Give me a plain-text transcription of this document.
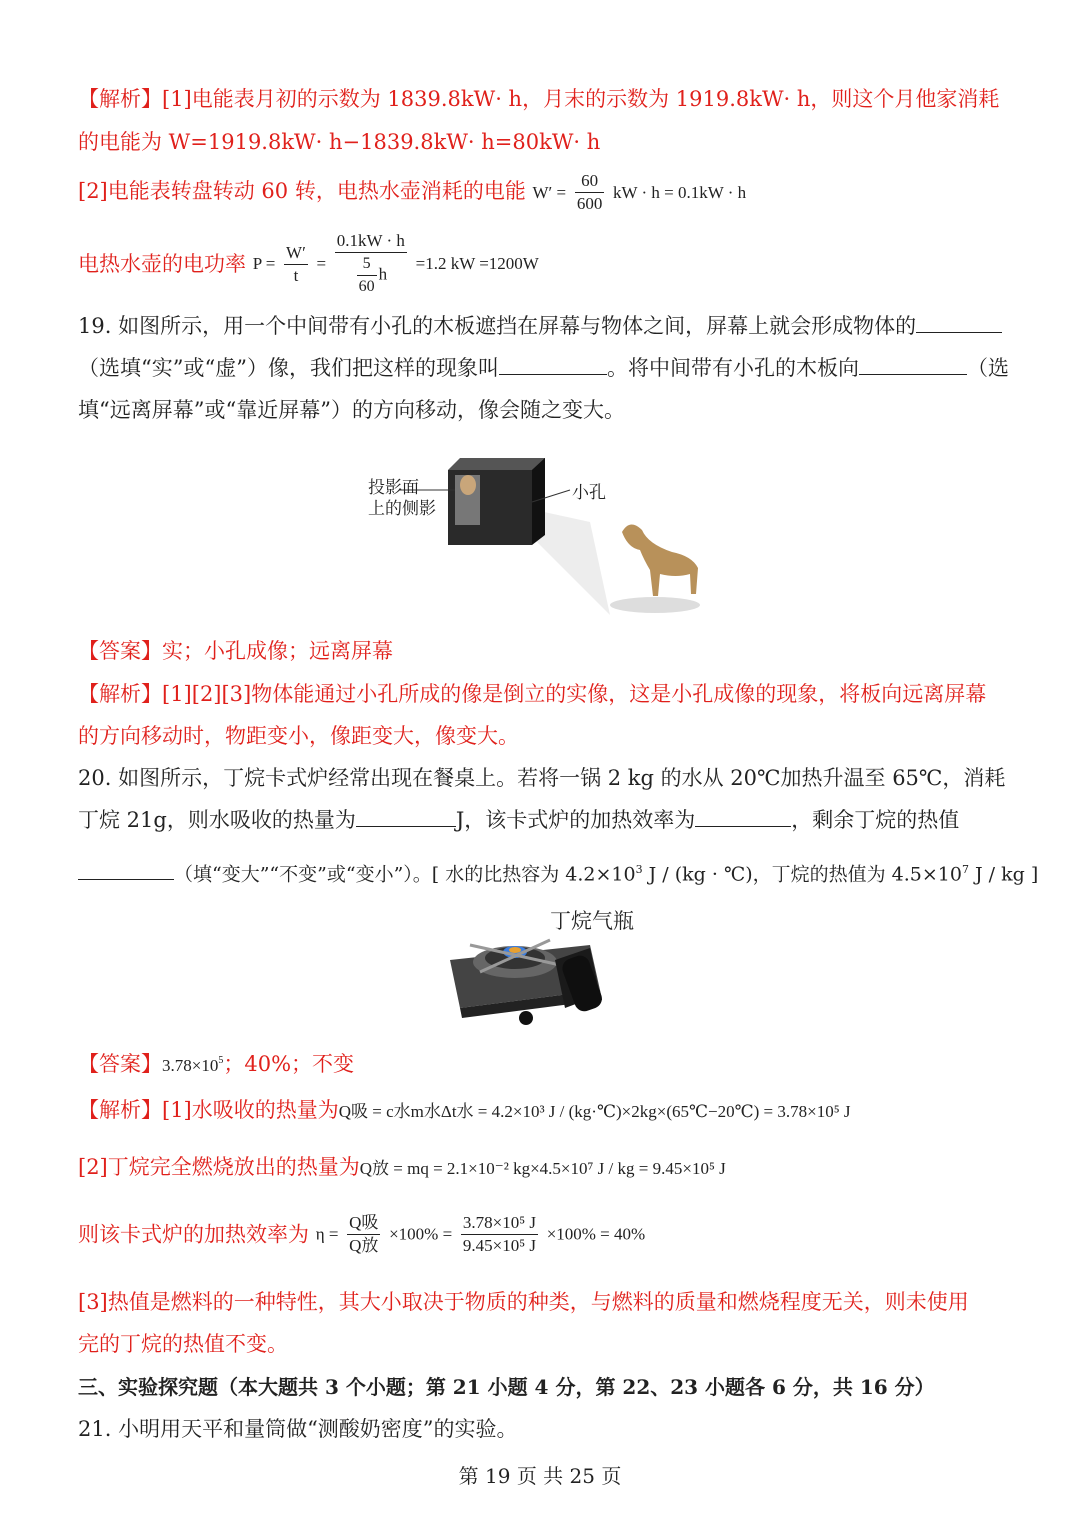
【解析】[1]电能表月初的示数为 1839.8kW· h，月末的示数为 1919.8kW· h，则这个月他家消耗
的电能为 W=1919.8kW· h−1839.8kW· h=80kW· h
[2]电能表转盘转动 60 转，电热水壶消耗的电能 $W' = \frac{60}{600}$ kW · h = 0.1kW · h
电热水壶的电功率 $P = \frac{W'}{t} = \frac{0.1kW \cdot h}{\frac{5}{60} h} =1.2$ kW =1200W
19. 如图所示，用一个中间带有小孔的木板遮挡在屏幕与物体之间，屏幕上就会形成物体的
（选填“实”或“虚”）像，我们把这样的现象叫	。将中间带有小孔的木板向	（选
填“远离屏幕”或“靠近屏幕”）的方向移动，像会随之变大。
投影面
上的侧影
小孔
【答案】实；小孔成像；远离屏幕
【解析】[1][2][3]物体能通过小孔所成的像是倒立的实像，这是小孔成像的现象，将板向远离屏幕
的方向移动时，物距变小，像距变大，像变大。
20. 如图所示，丁烷卡式炉经常出现在餐桌上。若将一锅 2 kg 的水从 20℃加热升温至 65℃，消耗
丁烷 21g，则水吸收的热量为	J，该卡式炉的加热效率为	，剩余丁烷的热值
（填“变大”“不变”或“变小”）。[ 水的比热容为 $4.2\times 10^3$ J / (kg · ℃)，丁烷的热值为 $4.5\times 10^7$ J / kg ]
丁烷气瓶
【答案】$3.78\times 10^5$；40%；不变
【解析】[1]水吸收的热量为Q吸 = c水m水Δt水 = 4.2×10³ J / (kg·℃)×2kg×(65℃−20℃) = 3.78×10⁵ J
[2]丁烷完全燃烧放出的热量为Q放 = mq = 2.1×10⁻² kg×4.5×10⁷ J / kg = 9.45×10⁵ J
则该卡式炉的加热效率为 $\eta = \frac{\text{Q吸}}{\text{Q放}} \times 100\% = \frac{\text{3.78×10⁵ J}}{\text{9.45×10⁵ J}} \times 100\% = 40\%$
[3]热值是燃料的一种特性，其大小取决于物质的种类，与燃料的质量和燃烧程度无关，则未使用
完的丁烷的热值不变。
三、实验探究题（本大题共 3 个小题；第 21 小题 4 分，第 22、23 小题各 6 分，共 16 分）
21. 小明用天平和量筒做“测酸奶密度”的实验。
第 19 页 共 25 页
